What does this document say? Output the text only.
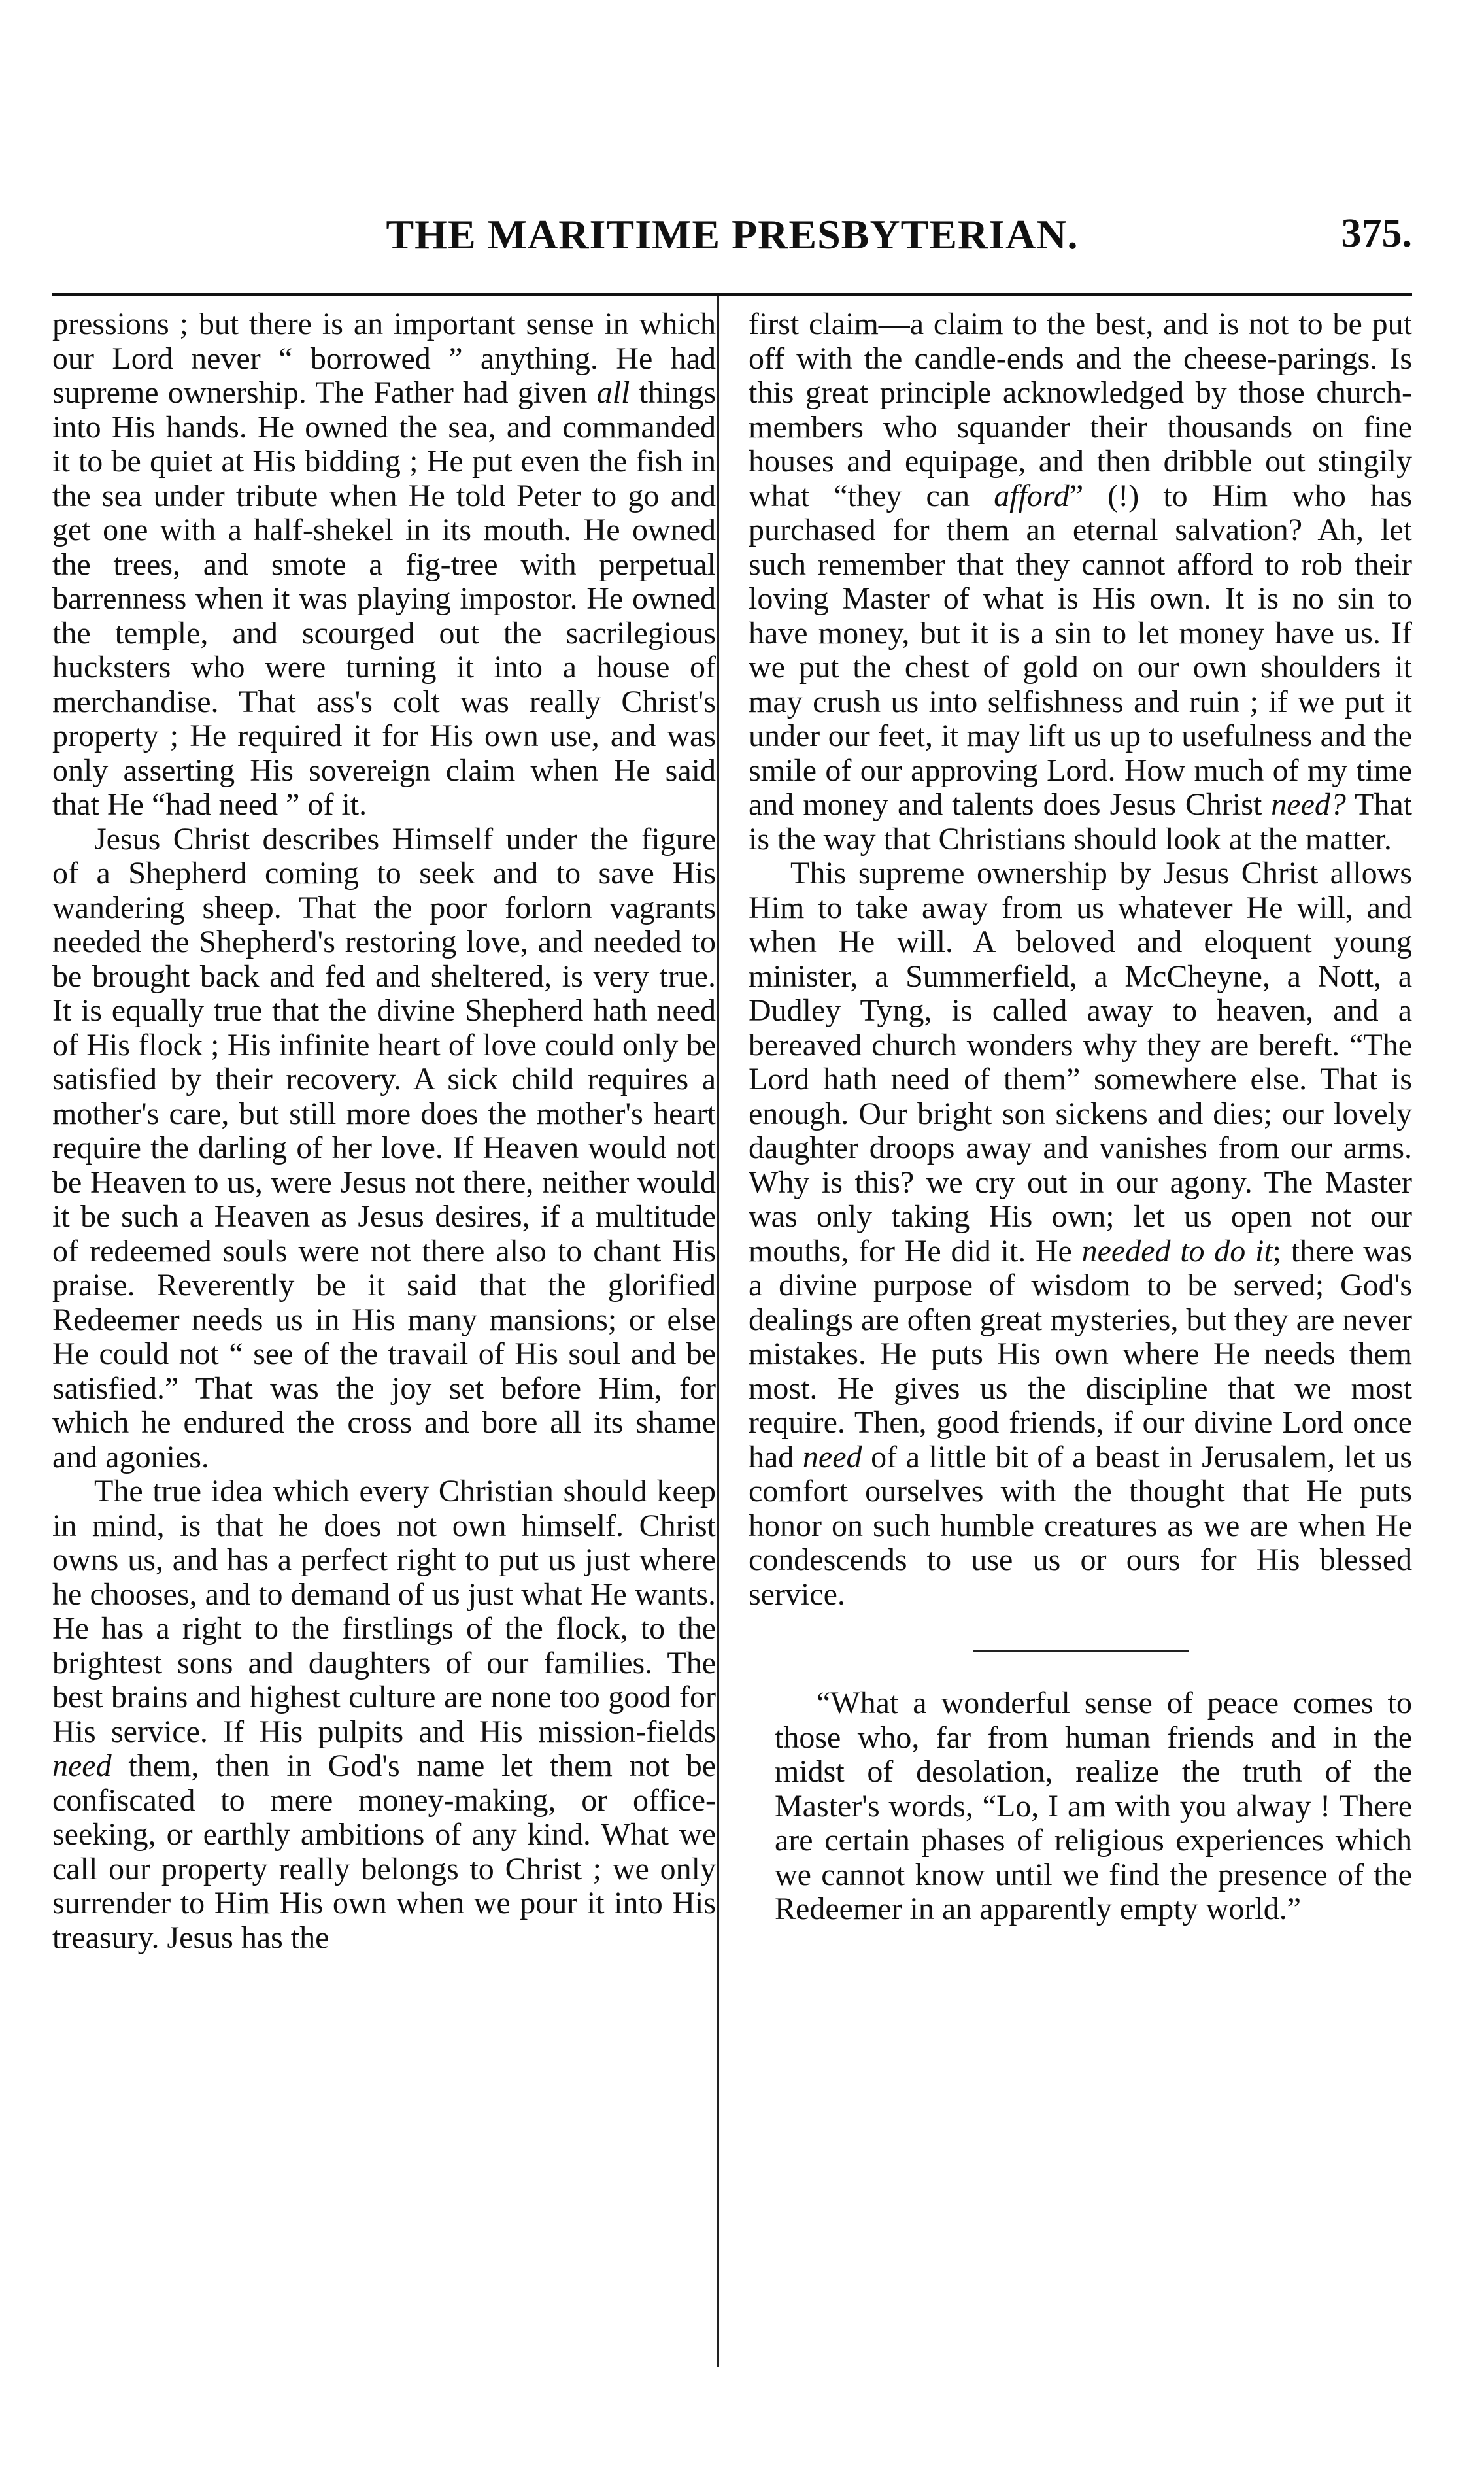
THE MARITIME PRESBYTERIAN.	375.

pressions ; but there is an important sense in which our Lord never “ borrowed ” anything. He had supreme ownership. The Father had given all things into His hands. He owned the sea, and commanded it to be quiet at His bidding ; He put even the fish in the sea under tribute when He told Peter to go and get one with a half-shekel in its mouth. He owned the trees, and smote a fig-tree with perpetual barrenness when it was playing impostor. He owned the temple, and scourged out the sacrilegious hucksters who were turning it into a house of merchandise. That ass's colt was really Christ's property ; He required it for His own use, and was only asserting His sovereign claim when He said that He “had need ” of it.

Jesus Christ describes Himself under the figure of a Shepherd coming to seek and to save His wandering sheep. That the poor forlorn vagrants needed the Shepherd's restoring love, and needed to be brought back and fed and sheltered, is very true. It is equally true that the divine Shepherd hath need of His flock ; His infinite heart of love could only be satisfied by their recovery. A sick child requires a mother's care, but still more does the mother's heart require the darling of her love. If Heaven would not be Heaven to us, were Jesus not there, neither would it be such a Heaven as Jesus desires, if a multitude of redeemed souls were not there also to chant His praise. Reverently be it said that the glorified Redeemer needs us in His many mansions; or else He could not “ see of the travail of His soul and be satisfied.” That was the joy set before Him, for which he endured the cross and bore all its shame and agonies.

The true idea which every Christian should keep in mind, is that he does not own himself. Christ owns us, and has a perfect right to put us just where he chooses, and to demand of us just what He wants. He has a right to the firstlings of the flock, to the brightest sons and daughters of our families. The best brains and highest culture are none too good for His service. If His pulpits and His mission-fields need them, then in God's name let them not be confiscated to mere money-making, or office-seeking, or earthly ambitions of any kind. What we call our property really belongs to Christ ; we only surrender to Him His own when we pour it into His treasury. Jesus has the

first claim—a claim to the best, and is not to be put off with the candle-ends and the cheese-parings. Is this great principle acknowledged by those church-members who squander their thousands on fine houses and equipage, and then dribble out stingily what “they can afford” (!) to Him who has purchased for them an eternal salvation? Ah, let such remember that they cannot afford to rob their loving Master of what is His own. It is no sin to have money, but it is a sin to let money have us. If we put the chest of gold on our own shoulders it may crush us into selfishness and ruin ; if we put it under our feet, it may lift us up to usefulness and the smile of our approving Lord. How much of my time and money and talents does Jesus Christ need? That is the way that Christians should look at the matter.

This supreme ownership by Jesus Christ allows Him to take away from us whatever He will, and when He will. A beloved and eloquent young minister, a Summerfield, a McCheyne, a Nott, a Dudley Tyng, is called away to heaven, and a bereaved church wonders why they are bereft. “The Lord hath need of them” somewhere else. That is enough. Our bright son sickens and dies; our lovely daughter droops away and vanishes from our arms. Why is this? we cry out in our agony. The Master was only taking His own; let us open not our mouths, for He did it. He needed to do it; there was a divine purpose of wisdom to be served; God's dealings are often great mysteries, but they are never mistakes. He puts His own where He needs them most. He gives us the discipline that we most require. Then, good friends, if our divine Lord once had need of a little bit of a beast in Jerusalem, let us comfort ourselves with the thought that He puts honor on such humble creatures as we are when He condescends to use us or ours for His blessed service.

“What a wonderful sense of peace comes to those who, far from human friends and in the midst of desolation, realize the truth of the Master's words, “Lo, I am with you alway ! There are certain phases of religious experiences which we cannot know until we find the presence of the Redeemer in an apparently empty world.”
